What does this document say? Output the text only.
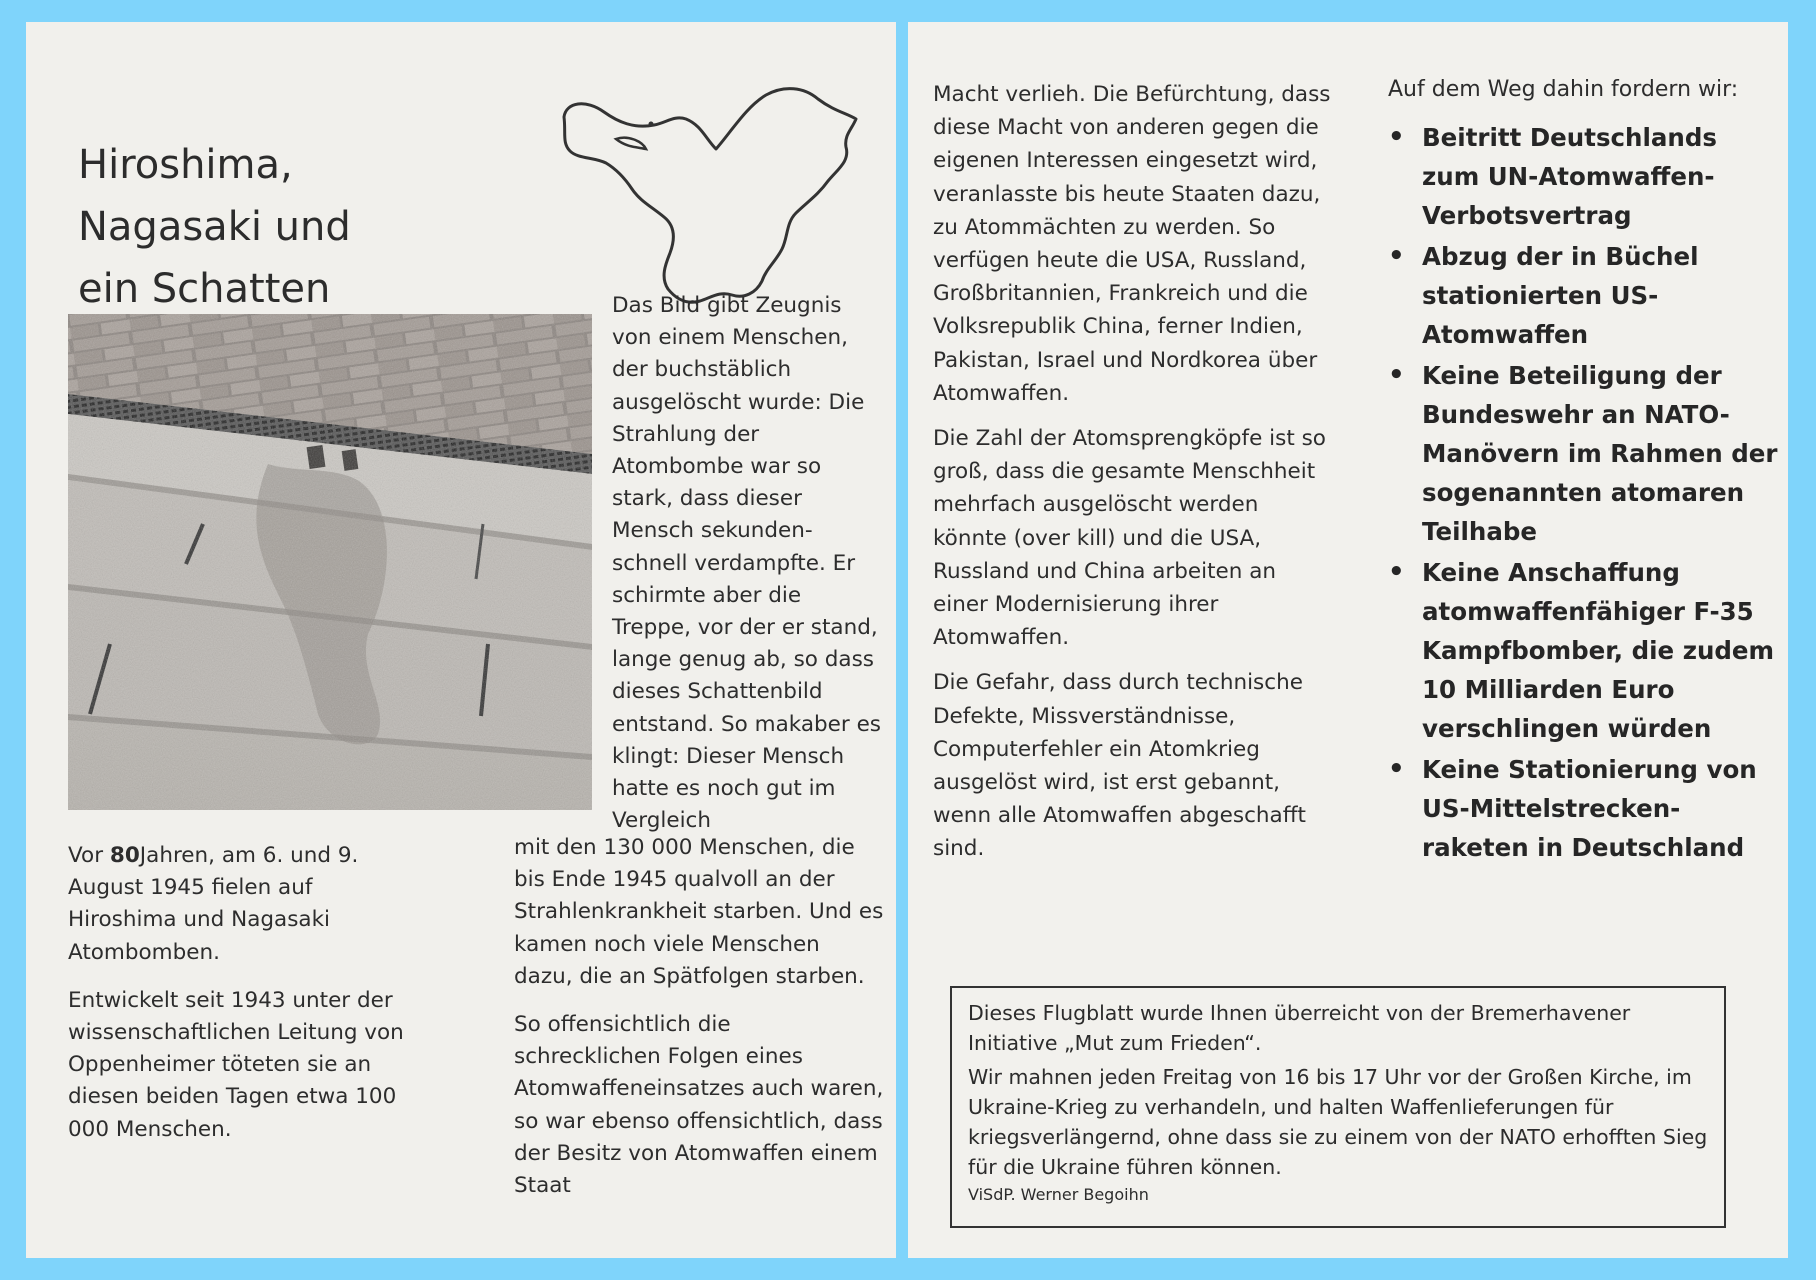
Hiroshima,
Nagasaki und
ein Schatten	Das Bild gibt Zeugnis von einem Menschen, der buchstäblich ausgelöscht wurde: Die Strahlung der Atombombe war so stark, dass dieser Mensch sekunden-schnell verdampfte. Er schirmte aber die Treppe, vor der er stand, lange genug ab, so dass dieses Schattenbild entstand. So makaber es klingt: Dieser Mensch hatte es noch gut im Vergleich

mit den 130 000 Menschen, die bis Ende 1945 qualvoll an der Strahlenkrankheit starben. Und es kamen noch viele Menschen dazu, die an Spätfolgen starben.

So offensichtlich die schrecklichen Folgen eines Atomwaffeneinsatzes auch waren, so war ebenso offensichtlich, dass der Besitz von Atomwaffen einem Staat

Vor 80Jahren, am 6. und 9. August 1945 fielen auf Hiroshima und Nagasaki Atombomben.

Entwickelt seit 1943 unter der wissenschaftlichen Leitung von Oppenheimer töteten sie an diesen beiden Tagen etwa 100 000 Menschen.

Macht verlieh. Die Befürchtung, dass diese Macht von anderen gegen die eigenen Interessen eingesetzt wird, veranlasste bis heute Staaten dazu, zu Atommächten zu werden. So verfügen heute die USA, Russland, Großbritannien, Frankreich und die Volksrepublik China, ferner Indien, Pakistan, Israel und Nordkorea über Atomwaffen.

Die Zahl der Atomsprengköpfe ist so groß, dass die gesamte Menschheit mehrfach ausgelöscht werden könnte (over kill) und die USA, Russland und China arbeiten an einer Modernisierung ihrer Atomwaffen.

Die Gefahr, dass durch technische Defekte, Missverständnisse, Computerfehler ein Atomkrieg ausgelöst wird, ist erst gebannt, wenn alle Atomwaffen abgeschafft sind.

Auf dem Weg dahin fordern wir:

• Beitritt Deutschlands zum UN-Atomwaffen-Verbotsvertrag
• Abzug der in Büchel stationierten US-Atomwaffen
• Keine Beteiligung der Bundeswehr an NATO-Manövern im Rahmen der sogenannten atomaren Teilhabe
• Keine Anschaffung atomwaffenfähiger F-35 Kampfbomber, die zudem 10 Milliarden Euro verschlingen würden
• Keine Stationierung von US-Mittelstrecken-raketen in Deutschland

Dieses Flugblatt wurde Ihnen überreicht von der Bremerhavener Initiative „Mut zum Frieden“.

Wir mahnen jeden Freitag von 16 bis 17 Uhr vor der Großen Kirche, im Ukraine-Krieg zu verhandeln, und halten Waffenlieferungen für kriegsverlängernd, ohne dass sie zu einem von der NATO erhofften Sieg für die Ukraine führen können.

ViSdP. Werner Begoihn
